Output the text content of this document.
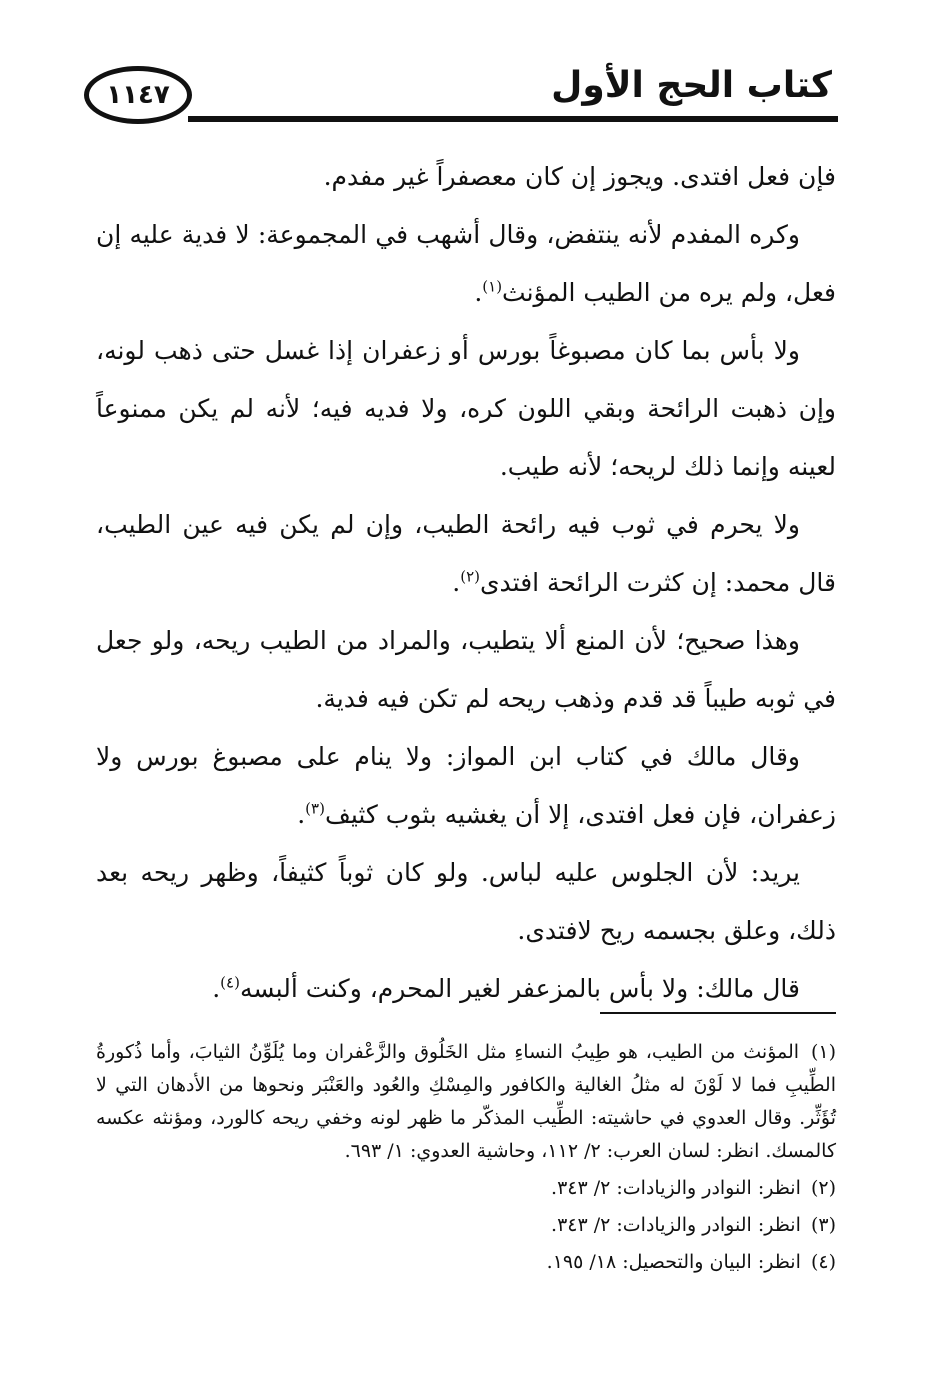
١١٤٧	كتاب الحج الأول

فإن فعل افتدى. ويجوز إن كان معصفراً غير مفدم.

وكره المفدم لأنه ينتفض، وقال أشهب في المجموعة: لا فدية عليه إن فعل، ولم يره من الطيب المؤنث$^{(١)}$.

ولا بأس بما كان مصبوغاً بورس أو زعفران إذا غسل حتى ذهب لونه، وإن ذهبت الرائحة وبقي اللون كره، ولا فديه فيه؛ لأنه لم يكن ممنوعاً لعينه وإنما ذلك لريحه؛ لأنه طيب.

ولا يحرم في ثوب فيه رائحة الطيب، وإن لم يكن فيه عين الطيب، قال محمد: إن كثرت الرائحة افتدى$^{(٢)}$.

وهذا صحيح؛ لأن المنع ألا يتطيب، والمراد من الطيب ريحه، ولو جعل في ثوبه طيباً قد قدم وذهب ريحه لم تكن فيه فدية.

وقال مالك في كتاب ابن المواز: ولا ينام على مصبوغ بورس ولا زعفران، فإن فعل افتدى، إلا أن يغشيه بثوب كثيف$^{(٣)}$.

يريد: لأن الجلوس عليه لباس. ولو كان ثوباً كثيفاً، وظهر ريحه بعد ذلك، وعلق بجسمه ريح لافتدى.

قال مالك: ولا بأس بالمزعفر لغير المحرم، وكنت ألبسه$^{(٤)}$.

(١) المؤنث من الطيب، هو طِيبُ النساءِ مثل الخَلُوق والزَّعْفران وما يُلَوِّنُ الثيابَ، وأما ذُكورةُ الطِّيبِ فما لا لَوْنَ له مثلُ الغالية والكافور والمِسْكِ والعُود والعَنْبَر ونحوها من الأدهان التي لا تُؤَثِّر. وقال العدوي في حاشيته: الطِّيب المذكّر ما ظهر لونه وخفي ريحه كالورد، ومؤنثه عكسه كالمسك. انظر: لسان العرب: ٢/ ١١٢، وحاشية العدوي: ١/ ٦٩٣.
(٢) انظر: النوادر والزيادات: ٢/ ٣٤٣.
(٣) انظر: النوادر والزيادات: ٢/ ٣٤٣.
(٤) انظر: البيان والتحصيل: ١٨/ ١٩٥.
